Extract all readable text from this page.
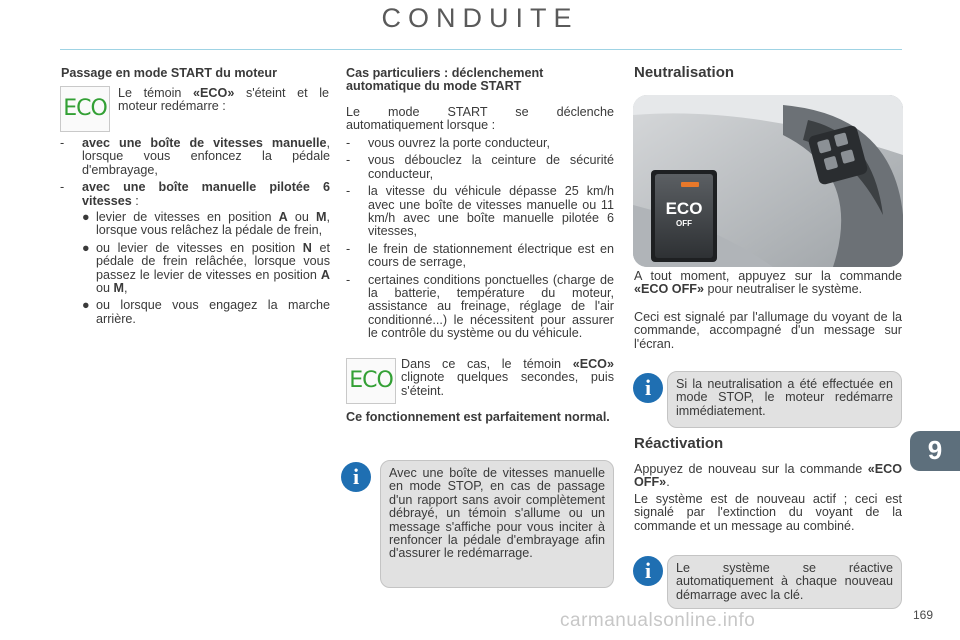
CONDUITE
Passage en mode START du moteur
ECO

Le témoin «ECO» s'éteint et le moteur redémarre :

- avec une boîte de vitesses manuelle, lorsque vous enfoncez la pédale d'embrayage,

- avec une boîte manuelle pilotée 6 vitesses :

● levier de vitesses en position A ou M, lorsque vous relâchez la pédale de frein,

● ou levier de vitesses en position N et pédale de frein relâchée, lorsque vous passez le levier de vitesses en position A ou M,

● ou lorsque vous engagez la marche arrière.

Cas particuliers : déclenchement automatique du mode START

Le mode START se déclenche automatiquement lorsque :

- vous ouvrez la porte conducteur,

- vous débouclez la ceinture de sécurité conducteur,

- la vitesse du véhicule dépasse 25 km/h avec une boîte de vitesses manuelle ou 11 km/h avec une boîte manuelle pilotée 6 vitesses,

- le frein de stationnement électrique est en cours de serrage,

- certaines conditions ponctuelles (charge de la batterie, température du moteur, assistance au freinage, réglage de l'air conditionné...) le nécessitent pour assurer le contrôle du système ou du véhicule.

ECO

Dans ce cas, le témoin «ECO» clignote quelques secondes, puis s'éteint.

Ce fonctionnement est parfaitement normal.
i Avec une boîte de vitesses manuelle en mode STOP, en cas de passage d'un rapport sans avoir complètement débrayé, un témoin s'allume ou un message s'affiche pour vous inciter à renfoncer la pédale d'embrayage afin d'assurer le redémarrage.

Neutralisation
ECO
OFF

A tout moment, appuyez sur la commande «ECO OFF» pour neutraliser le système.

Ceci est signalé par l'allumage du voyant de la commande, accompagné d'un message sur l'écran.

i Si la neutralisation a été effectuée en mode STOP, le moteur redémarre immédiatement.

Réactivation

Appuyez de nouveau sur la commande «ECO OFF».

Le système est de nouveau actif ; ceci est signalé par l'extinction du voyant de la commande et un message au combiné.

i Le système se réactive automatiquement à chaque nouveau démarrage avec la clé.

9
169
carmanualsonline.info
